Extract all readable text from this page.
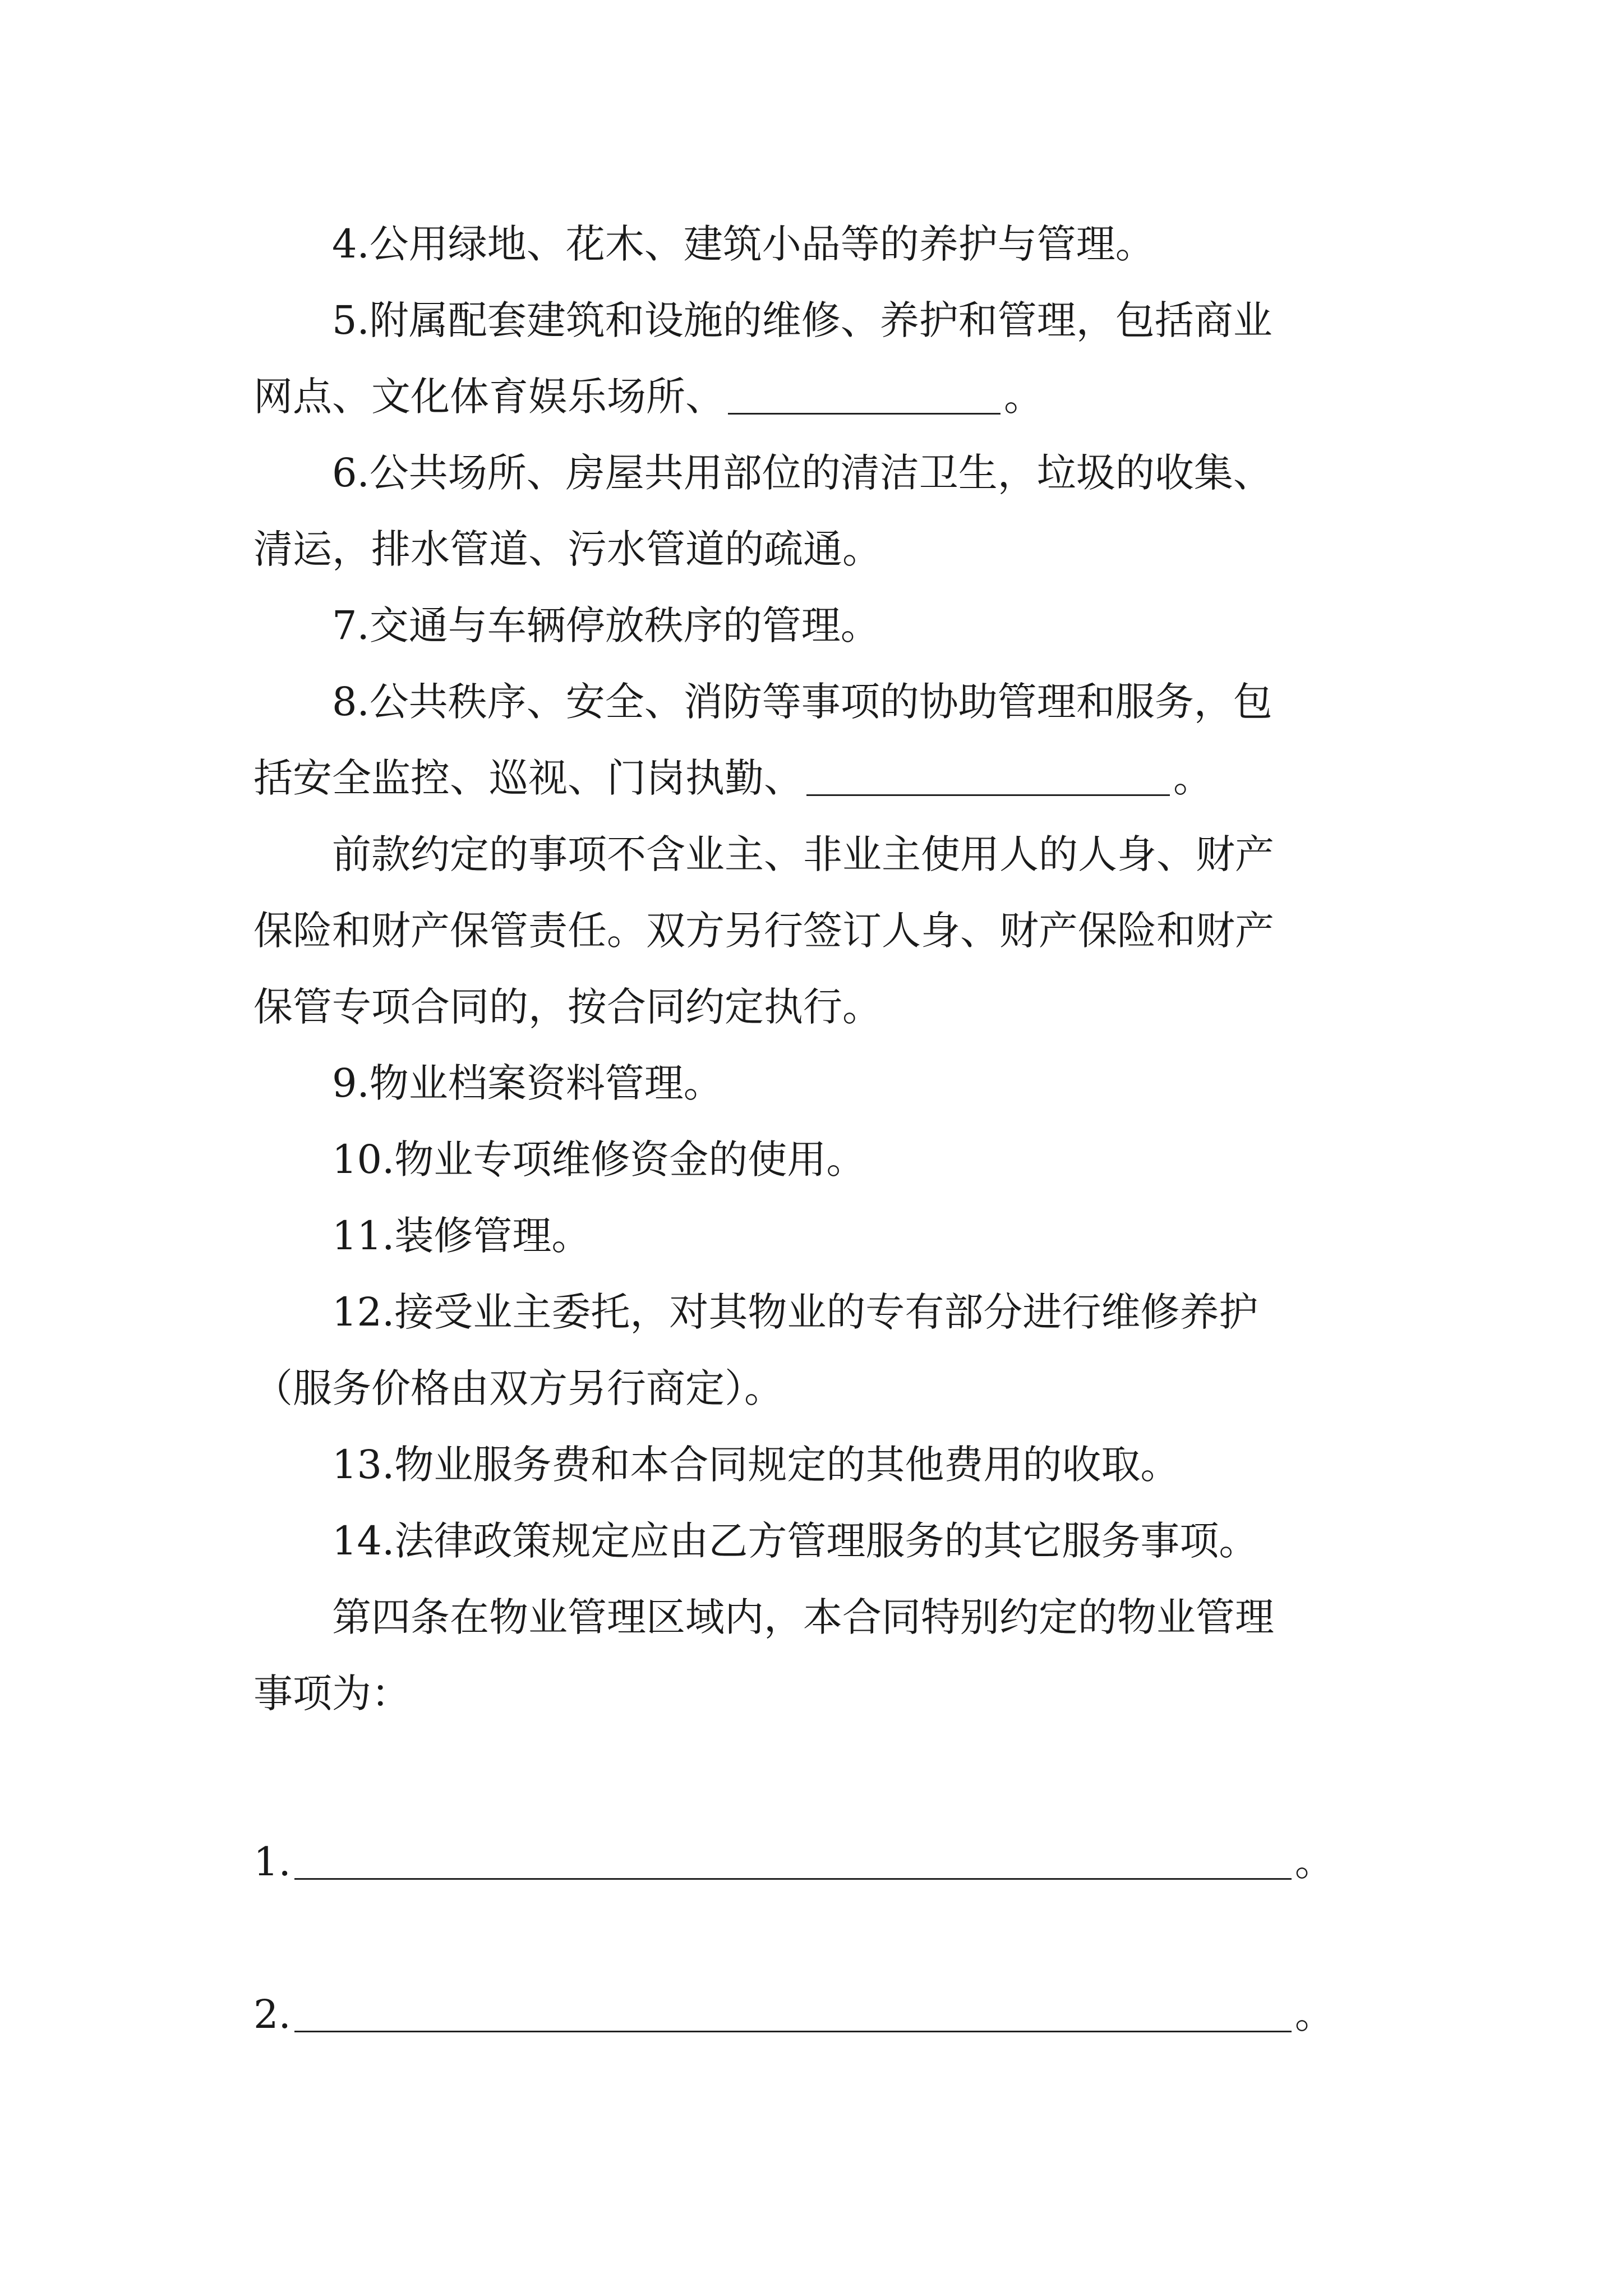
4.公用绿地、花木、建筑小品等的养护与管理。
5.附属配套建筑和设施的维修、养护和管理，包括商业
网点、文化体育娱乐场所、	。
6.公共场所、房屋共用部位的清洁卫生，垃圾的收集、
清运，排水管道、污水管道的疏通。
7.交通与车辆停放秩序的管理。
8.公共秩序、安全、消防等事项的协助管理和服务，包
括安全监控、巡视、门岗执勤、	。
前款约定的事项不含业主、非业主使用人的人身、财产
保险和财产保管责任。双方另行签订人身、财产保险和财产
保管专项合同的，按合同约定执行。
9.物业档案资料管理。
10.物业专项维修资金的使用。
11.装修管理。
12.接受业主委托，对其物业的专有部分进行维修养护
（服务价格由双方另行商定）。
13.物业服务费和本合同规定的其他费用的收取。
14.法律政策规定应由乙方管理服务的其它服务事项。
第四条在物业管理区域内，本合同特别约定的物业管理
事项为：
1.	。
2.	。
